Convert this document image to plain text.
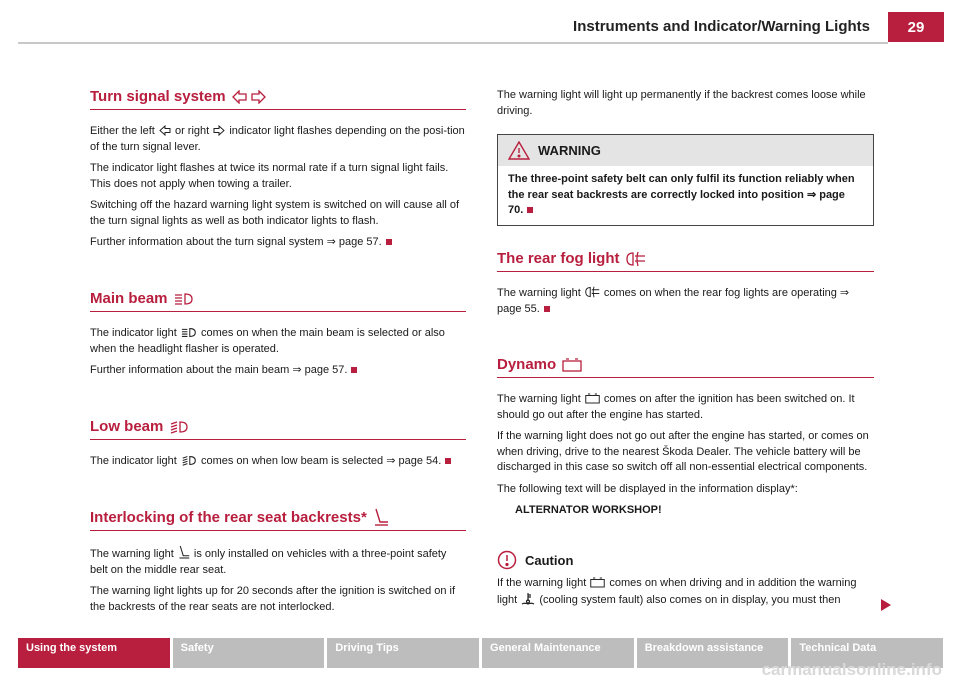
Instruments and Indicator/Warning Lights	29
Turn signal system

Either the left or right indicator light flashes depending on the posi-tion of the turn signal lever.

The indicator light flashes at twice its normal rate if a turn signal light fails. This does not apply when towing a trailer.

Switching off the hazard warning light system is switched on will cause all of the turn signal lights as well as both indicator lights to flash.

Further information about the turn signal system ⇒ page 57.

Main beam

The indicator light comes on when the main beam is selected or also when the headlight flasher is operated.

Further information about the main beam ⇒ page 57.

Low beam

The indicator light comes on when low beam is selected ⇒ page 54.

Interlocking of the rear seat backrests*

The warning light is only installed on vehicles with a three-point safety belt on the middle rear seat.

The warning light lights up for 20 seconds after the ignition is switched on if the backrests of the rear seats are not interlocked.

The warning light will light up permanently if the backrest comes loose while driving.

WARNING
The three-point safety belt can only fulfil its function reliably when the rear seat backrests are correctly locked into position ⇒ page 70.
The rear fog light

The warning light comes on when the rear fog lights are operating ⇒ page 55.

Dynamo

The warning light comes on after the ignition has been switched on. It should go out after the engine has started.

If the warning light does not go out after the engine has started, or comes on when driving, drive to the nearest Škoda Dealer. The vehicle battery will be discharged in this case so switch off all non-essential electrical components.

The following text will be displayed in the information display*:

ALTERNATOR WORKSHOP!

Caution

If the warning light comes on when driving and in addition the warning light (cooling system fault) also comes on in display, you must then

Using the system	Safety	Driving Tips	General Maintenance	Breakdown assistance	Technical Data
carmanualsonline.info
